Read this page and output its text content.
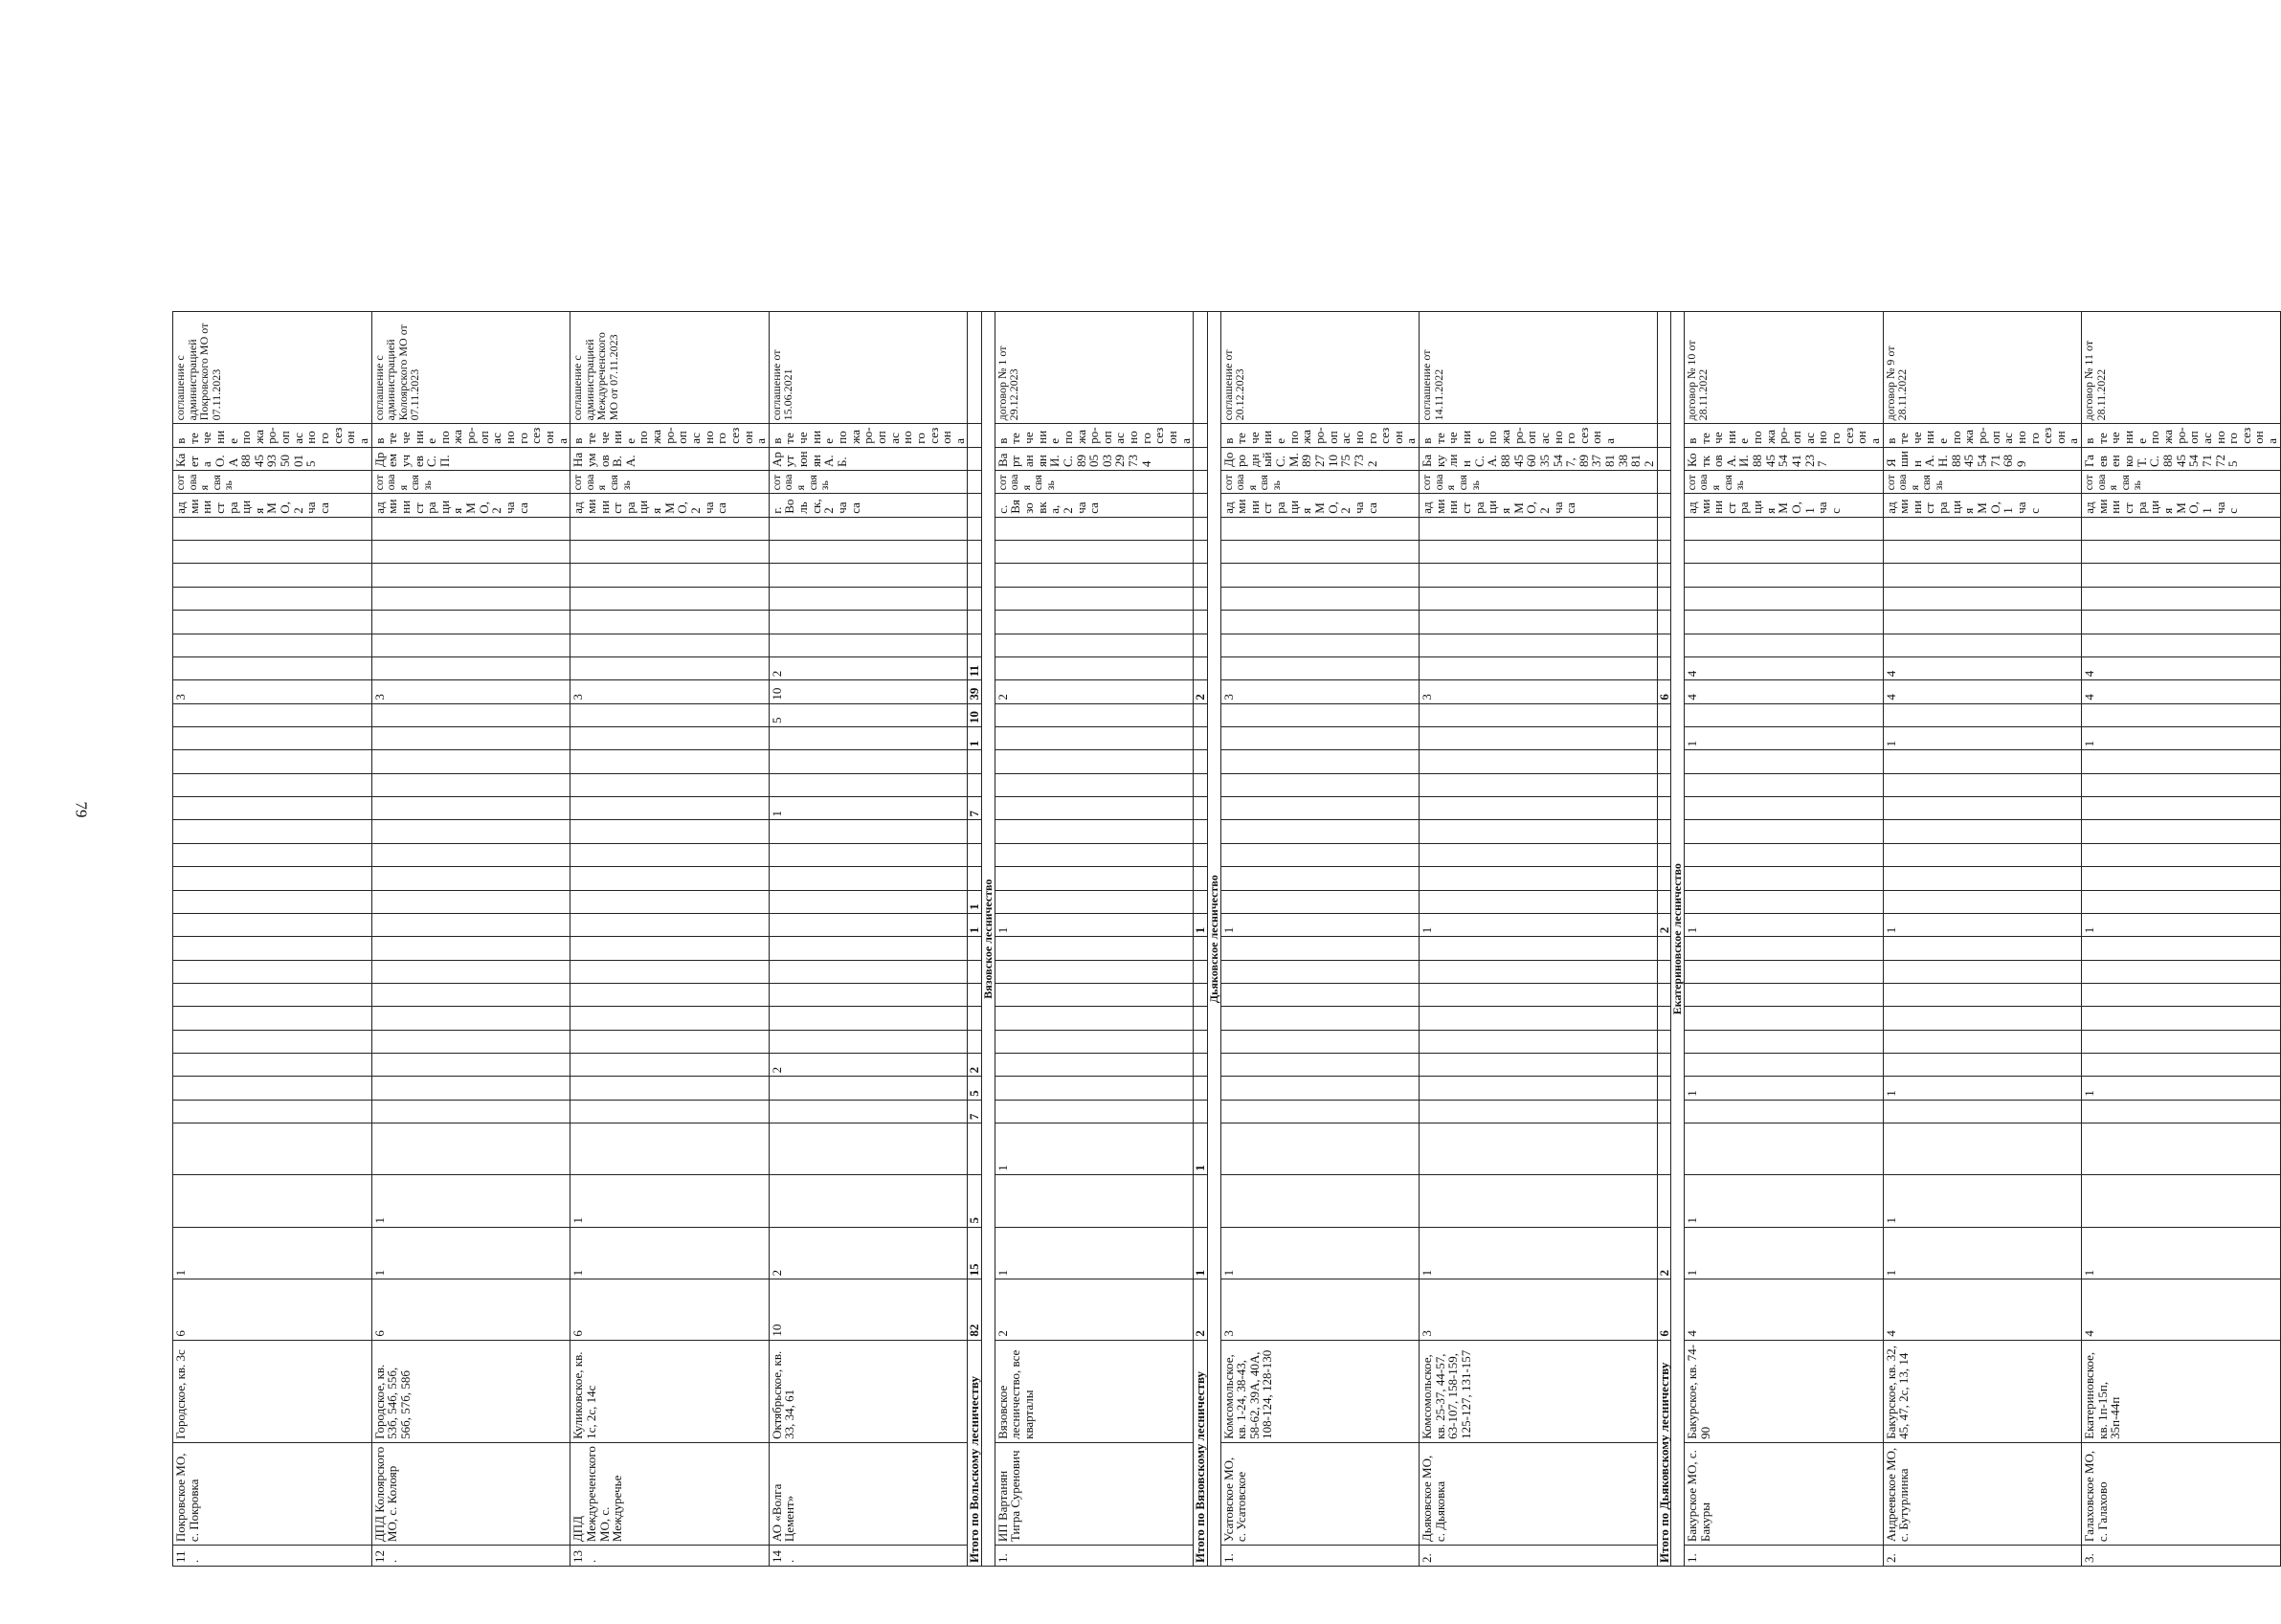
79
11.	Покровское МО, с. Покровка	Городское, кв. 3с	6	1																					3								администрация МО, 2 часа	сотовая связь	Каета О.А 88459350015	в течение пожаро-опасного сезона	соглашение с администрацией Покровского МО от 07.11.2023
12.	ДПД Колоярского МО, с. Колояр	Городское, кв. 53б, 54б, 55б, 56б, 57б, 58б	6	1	1																				3								администрация МО, 2 часа	сотовая связь	Дремучев С.П.	в течение пожаро-опасного сезона	соглашение с администрацией Колоярского МО от 07.11.2023
13.	ДПД Междуреченского МО, с. Междуречье	Куликовское, кв. 1с, 2с, 14с	6	1	1																				3								администрация МО, 2 часа	сотовая связь	Наумов В.А.	в течение пожаро-опасного сезона	соглашение с администрацией Междуреченского МО от 07.11.2023
14.	АО «Волга Цемент»	Октябрьское, кв. 33, 34, 61	10	2					2											1				5	10	2							г. Вольск, 2 часа	сотовая связь	Арутюнян А.Б.	в течение пожаро-опасного сезона	соглашение от 15.06.2021
Итого по Вольскому лесничеству			82	15	5		7	5	2						1	1				7			1	10	39	11											
Вязовское лесничество																																					
1.	ИП Вартанян Тигра Суренович	Вязовское лесничество, все кварталы	2	1		1									1										2								с. Вязовка, 2 часа	сотовая связь	Вартанян И.С. 89050329734	в течение пожаро-опасного сезона	договор № 1 от 29.12.2023
Итого по Вязовскому лесничеству			2	1		1									1										2												
Дьяковское лесничество																																					
1.	Усатовское МО, с. Усатовское	Комсомольское, кв. 1-24, 38-43, 58-62, 39А, 40А, 108-124, 128-130	3	1											1										3								администрация МО, 2 часа	сотовая связь	Дородный С.М. 89271075732	в течение пожаро-опасного сезона	соглашение от 20.12.2023
2.	Дьяковское МО, с. Дьяковка	Комсомольское, кв. 25-37, 44-57, 63-107, 158-159, 125-127, 131-157	3	1											1										3								администрация МО, 2 часа	сотовая связь	Бакулин С.А. 88456035547, 89378138812	в течение пожаро-опасного сезона	соглашение от 14.11.2022
Итого по Дьяковскому лесничеству			6	2											2										6												
Екатериновское лесничество																																					
1.	Бакурское МО, с. Бакуры	Бакурское, кв. 74-90	4	1	1			1							1								1		4	4							администрация МО, 1 час	сотовая связь	Котков А.И. 88455441237	в течение пожаро-опасного сезона	договор № 10 от 28.11.2022
2.	Андреевское МО, с. Бутурлинка	Бакурское, кв. 32, 45, 47, 2с, 13, 14	4	1	1			1							1								1		4	4							администрация МО, 1 час	сотовая связь	Яшин А.Н. 88455471689	в течение пожаро-опасного сезона	договор № 9 от 28.11.2022
3.	Галаховское МО, с. Галахово	Екатериновское, кв. 1п-15п, 35п-44п	4	1				1							1								1		4	4							администрация МО, 1 час	сотовая связь	Гаевенко Т.С. 88455471725	в течение пожаро-опасного сезона	договор № 11 от 28.11.2022
